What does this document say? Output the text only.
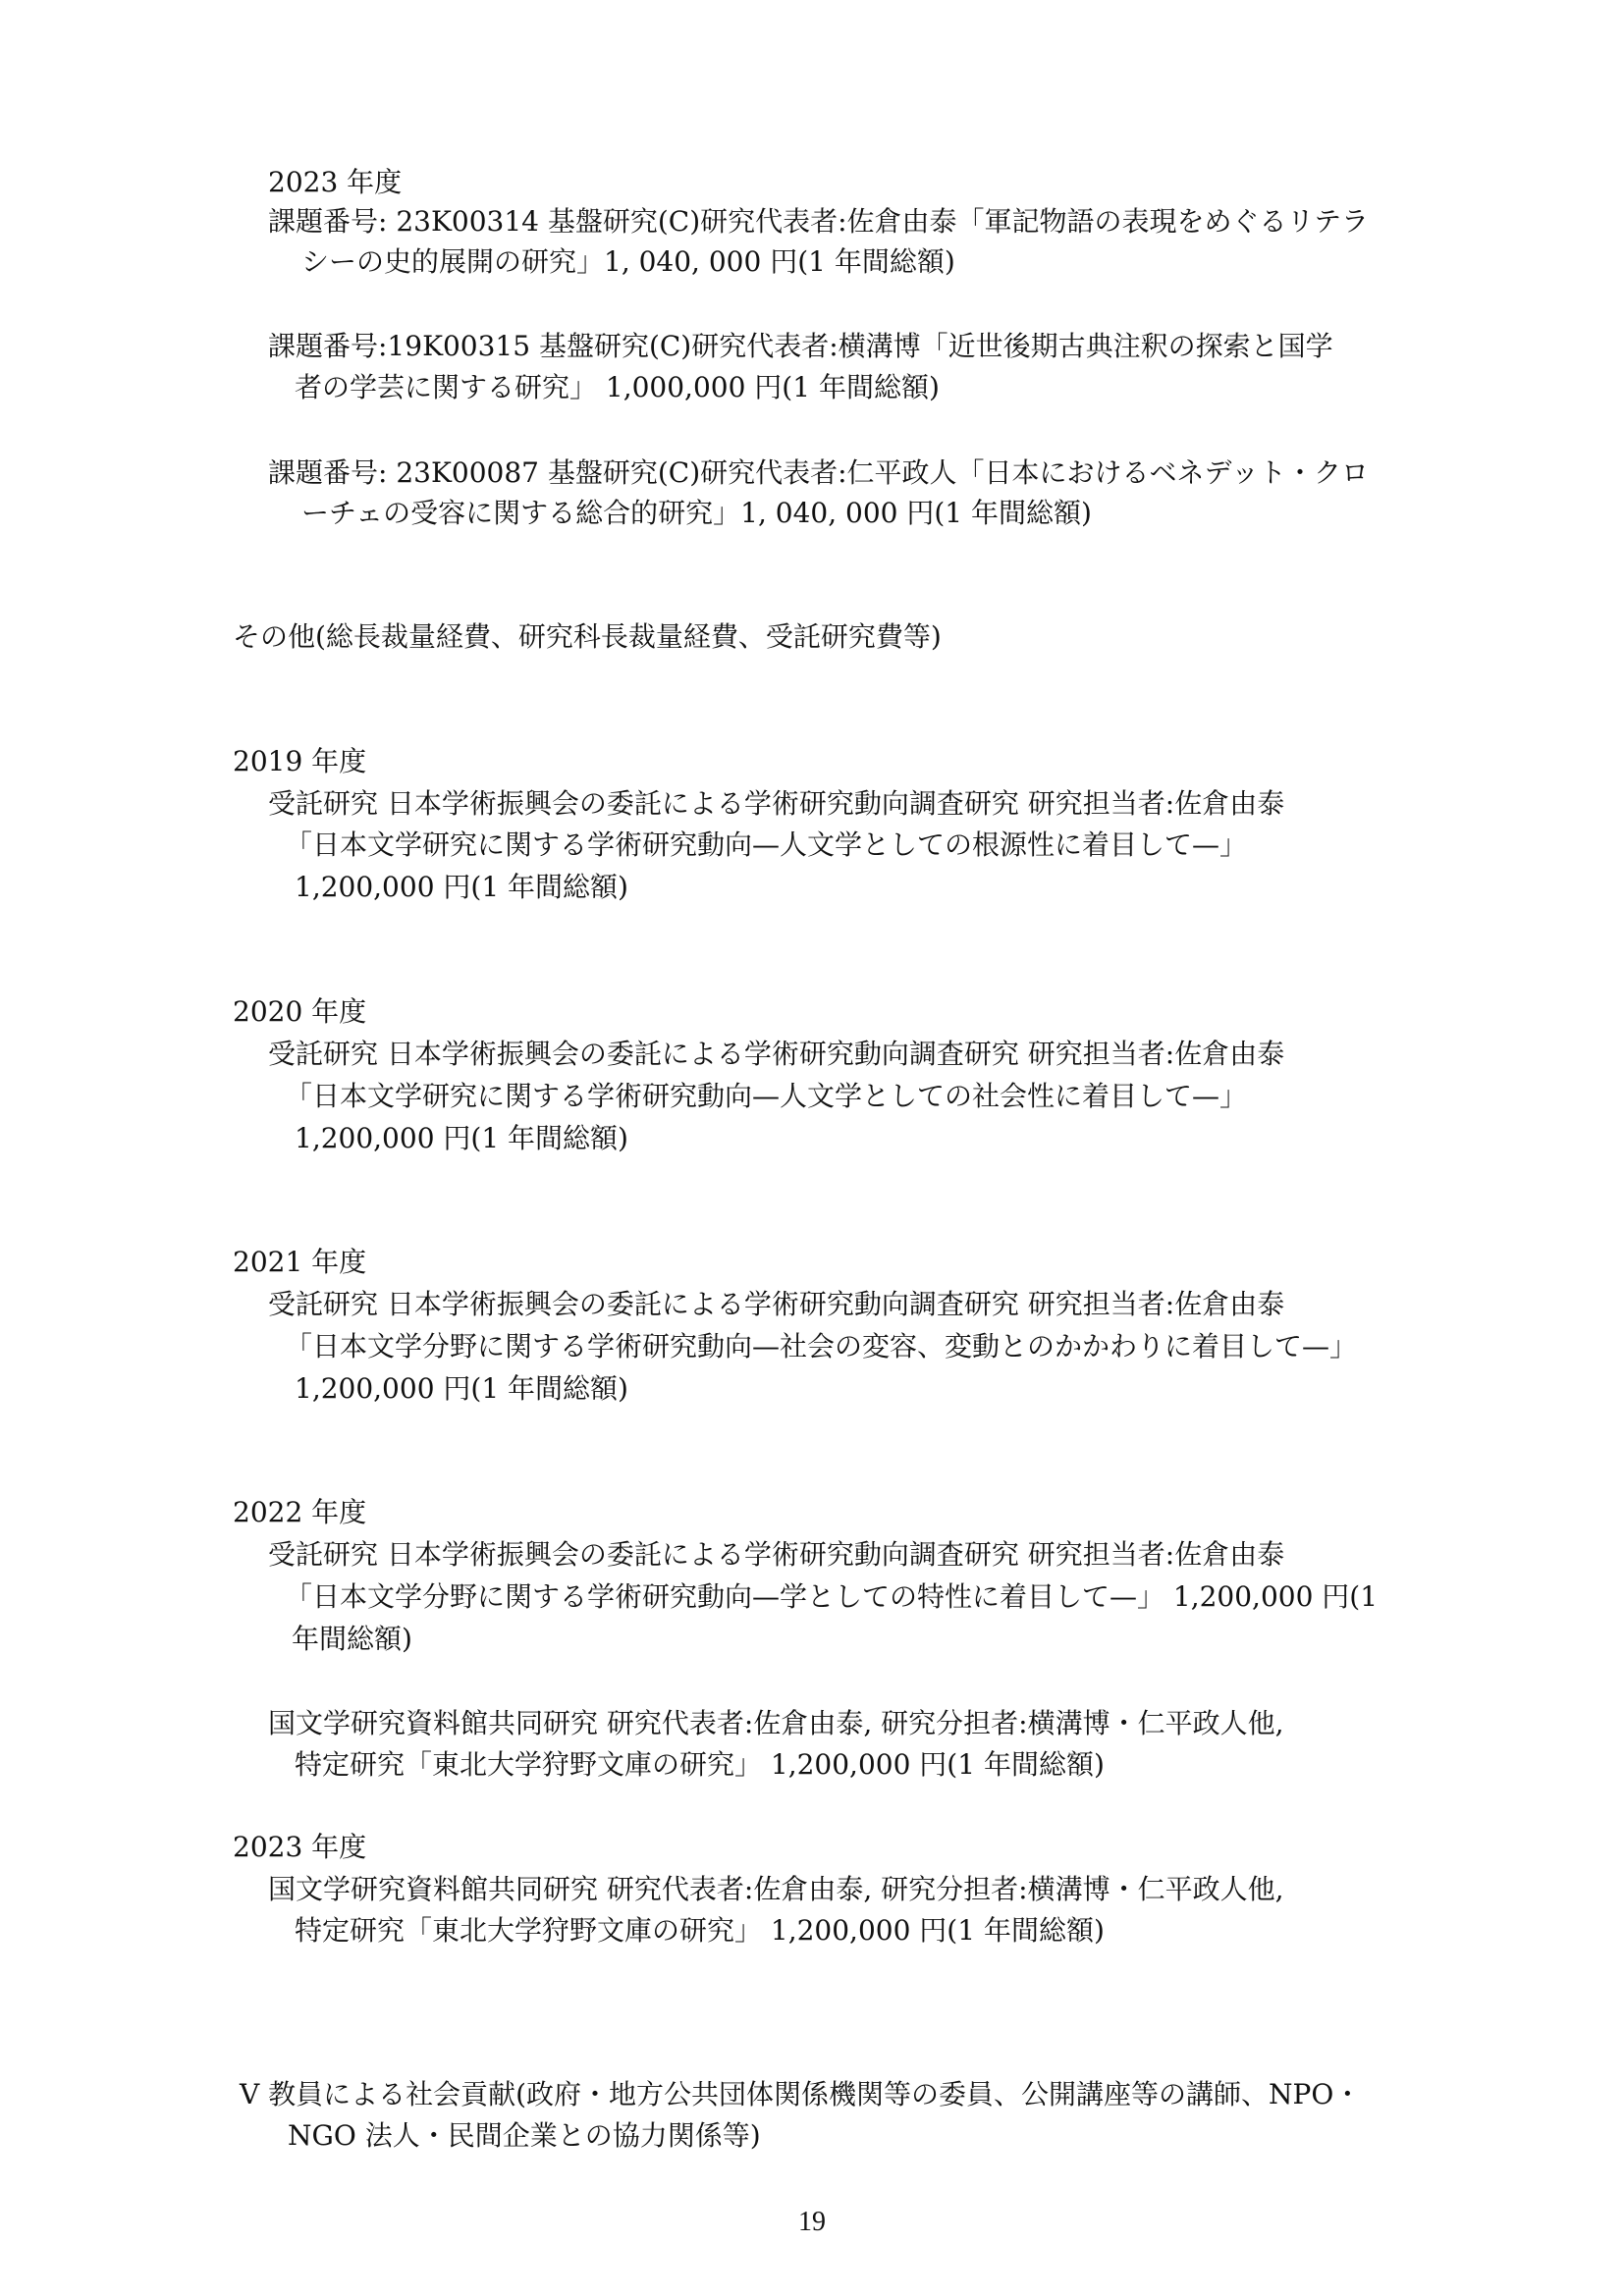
2023 年度
課題番号: 23K00314 基盤研究(C)研究代表者:佐倉由泰「軍記物語の表現をめぐるリテラ
シーの史的展開の研究」1, 040, 000 円(1 年間総額)
課題番号:19K00315 基盤研究(C)研究代表者:横溝博「近世後期古典注釈の探索と国学
者の学芸に関する研究」 1,000,000 円(1 年間総額)
課題番号: 23K00087 基盤研究(C)研究代表者:仁平政人「日本におけるベネデット・クロ
ーチェの受容に関する総合的研究」1, 040, 000 円(1 年間総額)
その他(総長裁量経費、研究科長裁量経費、受託研究費等)
2019 年度
受託研究 日本学術振興会の委託による学術研究動向調査研究 研究担当者:佐倉由泰
「日本文学研究に関する学術研究動向—人文学としての根源性に着目して—」
1,200,000 円(1 年間総額)
2020 年度
受託研究 日本学術振興会の委託による学術研究動向調査研究 研究担当者:佐倉由泰
「日本文学研究に関する学術研究動向—人文学としての社会性に着目して—」
1,200,000 円(1 年間総額)
2021 年度
受託研究 日本学術振興会の委託による学術研究動向調査研究 研究担当者:佐倉由泰
「日本文学分野に関する学術研究動向—社会の変容、変動とのかかわりに着目して—」
1,200,000 円(1 年間総額)
2022 年度
受託研究 日本学術振興会の委託による学術研究動向調査研究 研究担当者:佐倉由泰
「日本文学分野に関する学術研究動向—学としての特性に着目して—」 1,200,000 円(1
年間総額)
国文学研究資料館共同研究 研究代表者:佐倉由泰, 研究分担者:横溝博・仁平政人他,
特定研究「東北大学狩野文庫の研究」 1,200,000 円(1 年間総額)
2023 年度
国文学研究資料館共同研究 研究代表者:佐倉由泰, 研究分担者:横溝博・仁平政人他,
特定研究「東北大学狩野文庫の研究」 1,200,000 円(1 年間総額)
V 教員による社会貢献(政府・地方公共団体関係機関等の委員、公開講座等の講師、NPO・
NGO 法人・民間企業との協力関係等)
19
